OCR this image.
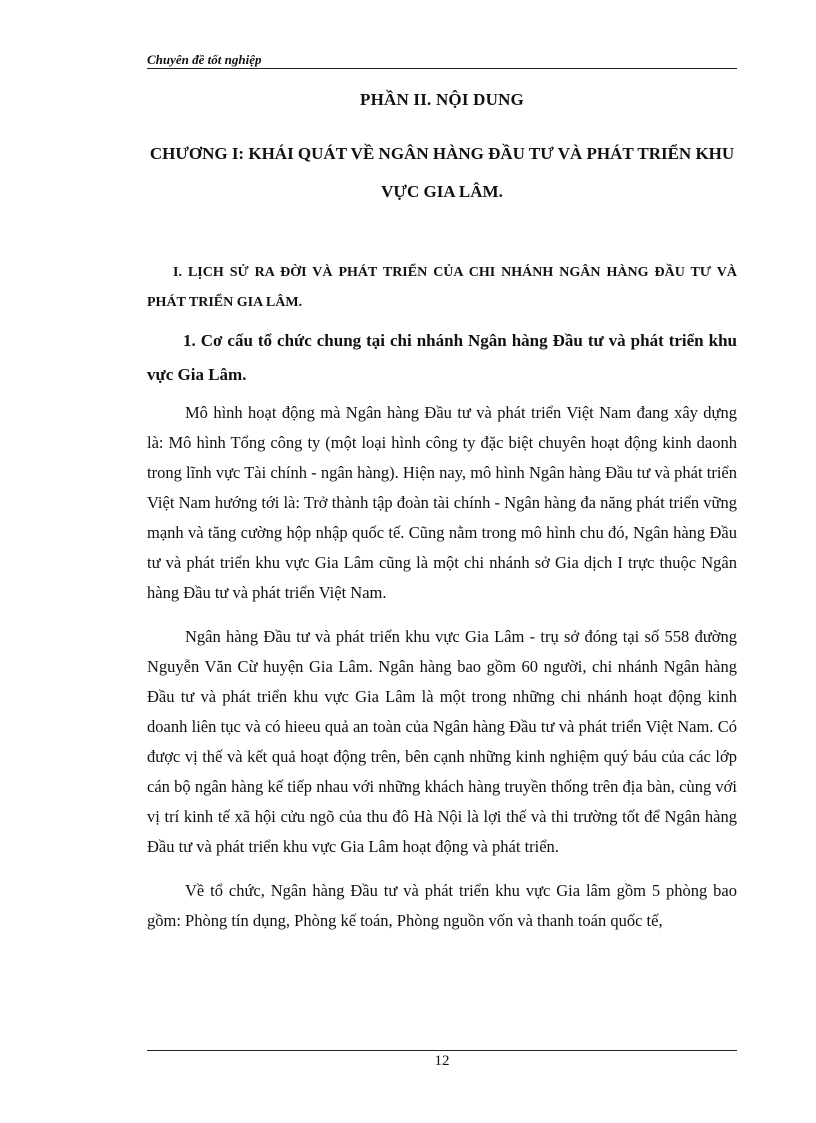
Chuyên đề tốt nghiệp
PHẦN II. NỘI DUNG
CHƯƠNG I: KHÁI QUÁT VỀ NGÂN HÀNG ĐẦU TƯ VÀ PHÁT TRIỂN KHU VỰC GIA LÂM.
I. LỊCH SỬ RA ĐỜI VÀ PHÁT TRIỂN CỦA CHI NHÁNH NGÂN HÀNG ĐẦU TƯ VÀ PHÁT TRIỂN GIA LÂM.
1. Cơ cấu tổ chức chung tại chi nhánh Ngân hàng Đầu tư và phát triển khu vực Gia Lâm.

Mô hình hoạt động mà Ngân hàng Đầu tư và phát triển Việt Nam đang xây dựng là: Mô hình Tổng công ty (một loại hình công ty đặc biệt chuyên hoạt động kinh daonh trong lĩnh vực Tài chính - ngân hàng). Hiện nay, mô hình Ngân hàng Đầu tư và phát triển Việt Nam hướng tới là: Trở thành tập đoàn tài chính - Ngân hàng đa năng phát triển vững mạnh và tăng cường hộp nhập quốc tế. Cũng nằm trong mô hình chu đó, Ngân hàng Đầu tư và phát triển khu vực Gia Lâm cũng là một chi nhánh sở Gia dịch I trực thuộc Ngân hàng Đầu tư và phát triển Việt Nam.

Ngân hàng Đầu tư và phát triển khu vực Gia Lâm - trụ sở đóng tại số 558 đường Nguyễn Văn Cừ huyện Gia Lâm. Ngân hàng bao gồm 60 người, chi nhánh Ngân hàng Đầu tư và phát triển khu vực Gia Lâm là một trong những chi nhánh hoạt động kinh doanh liên tục và có hieeu quả an toàn của Ngân hàng Đầu tư và phát triển Việt Nam. Có được vị thế và kết quả hoạt động trên, bên cạnh những kinh nghiệm quý báu của các lớp cán bộ ngân hàng kế tiếp nhau với những khách hàng truyền thống trên địa bàn, cùng với vị trí kinh tế xã hội cửu ngõ của thu đô Hà Nội là lợi thế và thi trường tốt để Ngân hàng Đầu tư và phát triển khu vực Gia Lâm hoạt động và phát triển.

Về tổ chức, Ngân hàng Đầu tư và phát triển khu vực Gia lâm gồm 5 phòng bao gồm: Phòng tín dụng, Phòng kế toán, Phòng nguồn vốn và thanh toán quốc tế,

12
